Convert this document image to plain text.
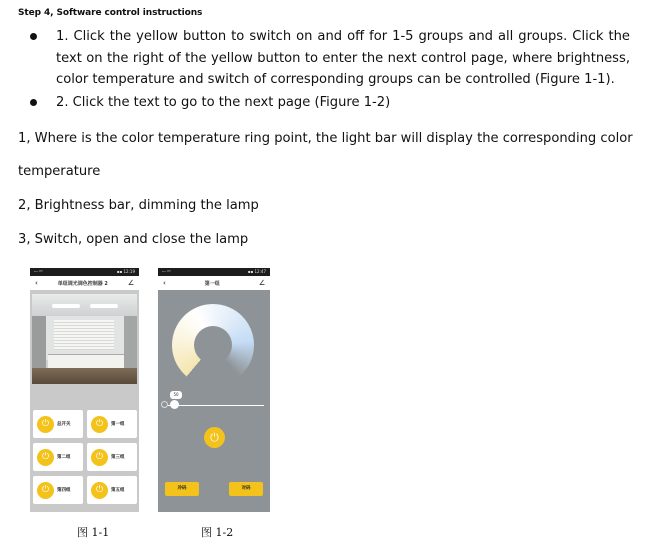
Step 4, Software control instructions
1. Click the yellow button to switch on and off for 1-5 groups and all groups. Click the text on the right of the yellow button to enter the next control page, where brightness, color temperature and switch of corresponding groups can be controlled (Figure 1-1).
2. Click the text to go to the next page (Figure 1-2)
1, Where is the color temperature ring point, the light bar will display the corresponding color
temperature
2, Brightness bar, dimming the lamp
3, Switch, open and close the lamp
ꞏꞏꞏ ⁴ᴳ	▪▪ 12:19
‹	单组调光调色控制器 2	∠
⏻	总开关	⏻	第一组
⏻	第二组	⏻	第三组
⏻	第四组	⏻	第五组
ꞏꞏꞏ ⁴ᴳ	▪▪ 12:47
‹	第一组	∠
50
⏻
冷码	对码
图 1-1	图 1-2
